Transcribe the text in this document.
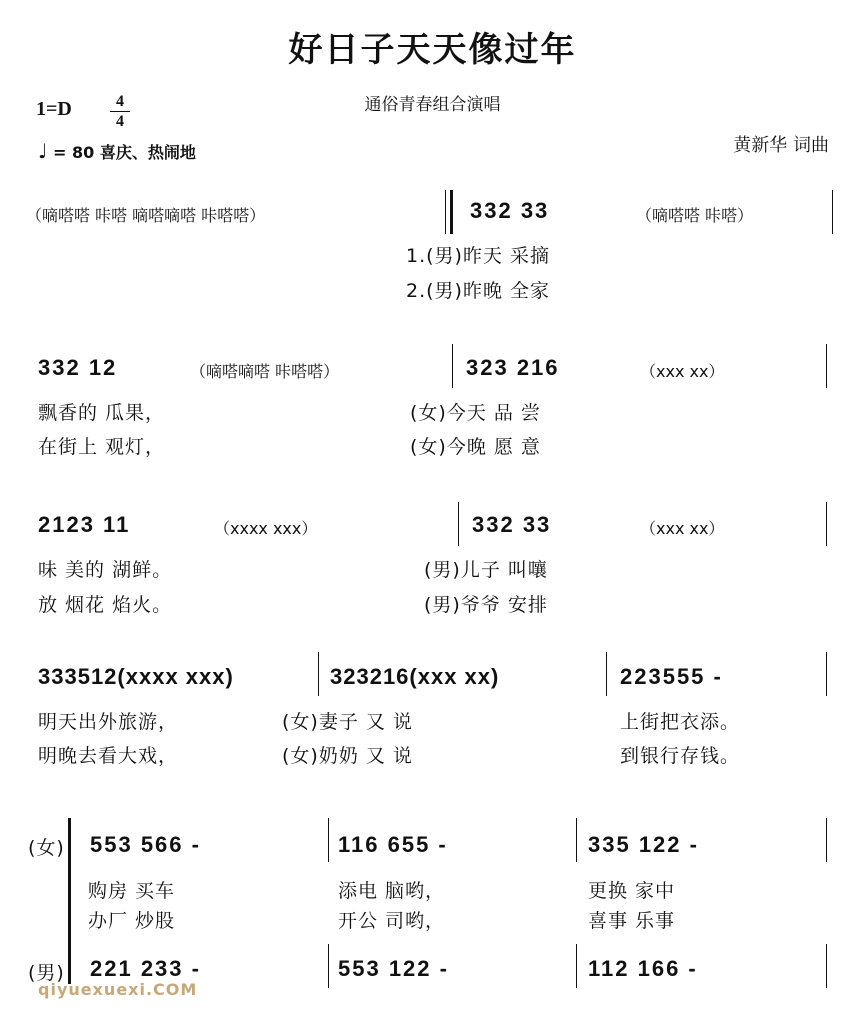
好日子天天像过年
通俗青春组合演唱
1=D	4
4
♩ = 80 喜庆、热闹地	黄新华 词曲
（嘀嗒嗒 咔嗒 嘀嗒嘀嗒 咔嗒嗒）	332 33	（嘀嗒嗒 咔嗒）
1.(男)昨天 采摘
2.(男)昨晚 全家
332 12	（嘀嗒嘀嗒 咔嗒嗒）	323 216	（xxx xx）
飘香的 瓜果，	(女)今天 品 尝
在街上 观灯，	(女)今晚 愿 意
2123 11	（xxxx xxx）	332 33	（xxx xx）
味 美的 湖鲜。	(男)儿子 叫嚷
放 烟花 焰火。	(男)爷爷 安排
333512(xxxx xxx)	323216(xxx xx)	223555 -
明天出外旅游，	(女)妻子 又 说	上街把衣添。
明晚去看大戏，	(女)奶奶 又 说	到银行存钱。
(女) 553 566 -	116 655 -	335 122 -
购房 买车	添电 脑哟，	更换 家中
办厂 炒股	开公 司哟，	喜事 乐事
(男) 221 233 -	553 122 -	112 166 -
qiyuexuexi.COM
